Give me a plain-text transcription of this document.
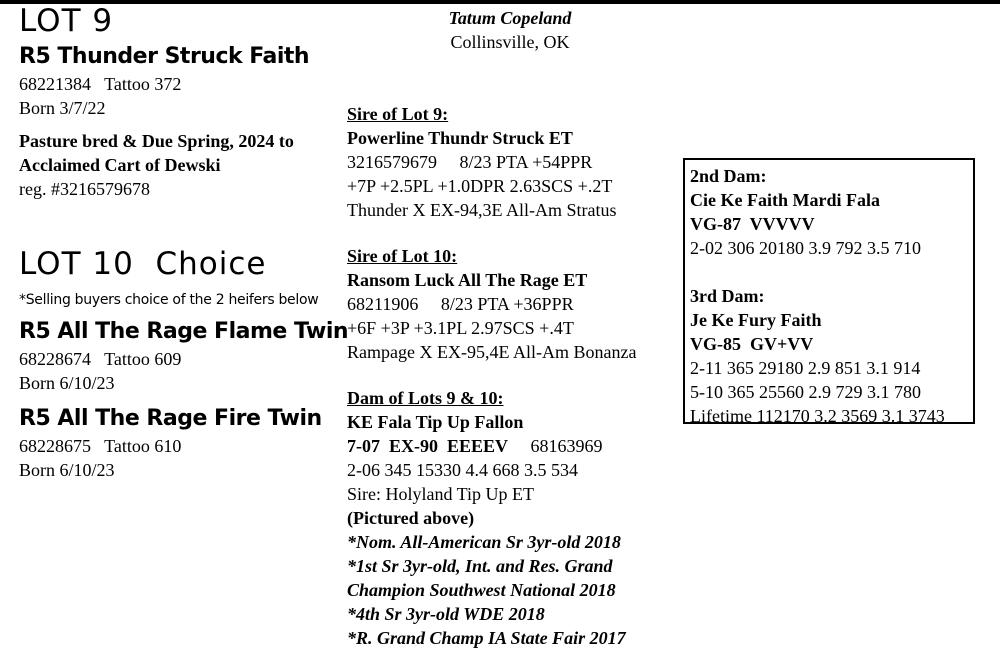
LOT 9
R5 Thunder Struck Faith
68221384   Tattoo 372
Born 3/7/22
Pasture bred & Due Spring, 2024 to
Acclaimed Cart of Dewski
reg. #3216579678
LOT 10  Choice
*Selling buyers choice of the 2 heifers below
R5 All The Rage Flame Twin
68228674   Tattoo 609
Born 6/10/23
R5 All The Rage Fire Twin
68228675   Tattoo 610
Born 6/10/23
Tatum Copeland
Collinsville, OK
Sire of Lot 9:
Powerline Thundr Struck ET
3216579679     8/23 PTA +54PPR
+7P +2.5PL +1.0DPR 2.63SCS +.2T
Thunder X EX-94,3E All-Am Stratus
Sire of Lot 10:
Ransom Luck All The Rage ET
68211906     8/23 PTA +36PPR
+6F +3P +3.1PL 2.97SCS +.4T
Rampage X EX-95,4E All-Am Bonanza
Dam of Lots 9 & 10:
KE Fala Tip Up Fallon
7-07  EX-90  EEEEV 68163969
2-06 345 15330 4.4 668 3.5 534
Sire: Holyland Tip Up ET
(Pictured above)
*Nom. All-American Sr 3yr-old 2018
*1st Sr 3yr-old, Int. and Res. Grand
Champion Southwest National 2018
*4th Sr 3yr-old WDE 2018
*R. Grand Champ IA State Fair 2017
2nd Dam:
Cie Ke Faith Mardi Fala
VG-87  VVVVV
2-02 306 20180 3.9 792 3.5 710
3rd Dam:
Je Ke Fury Faith
VG-85  GV+VV
2-11 365 29180 2.9 851 3.1 914
5-10 365 25560 2.9 729 3.1 780
Lifetime 112170 3.2 3569 3.1 3743
